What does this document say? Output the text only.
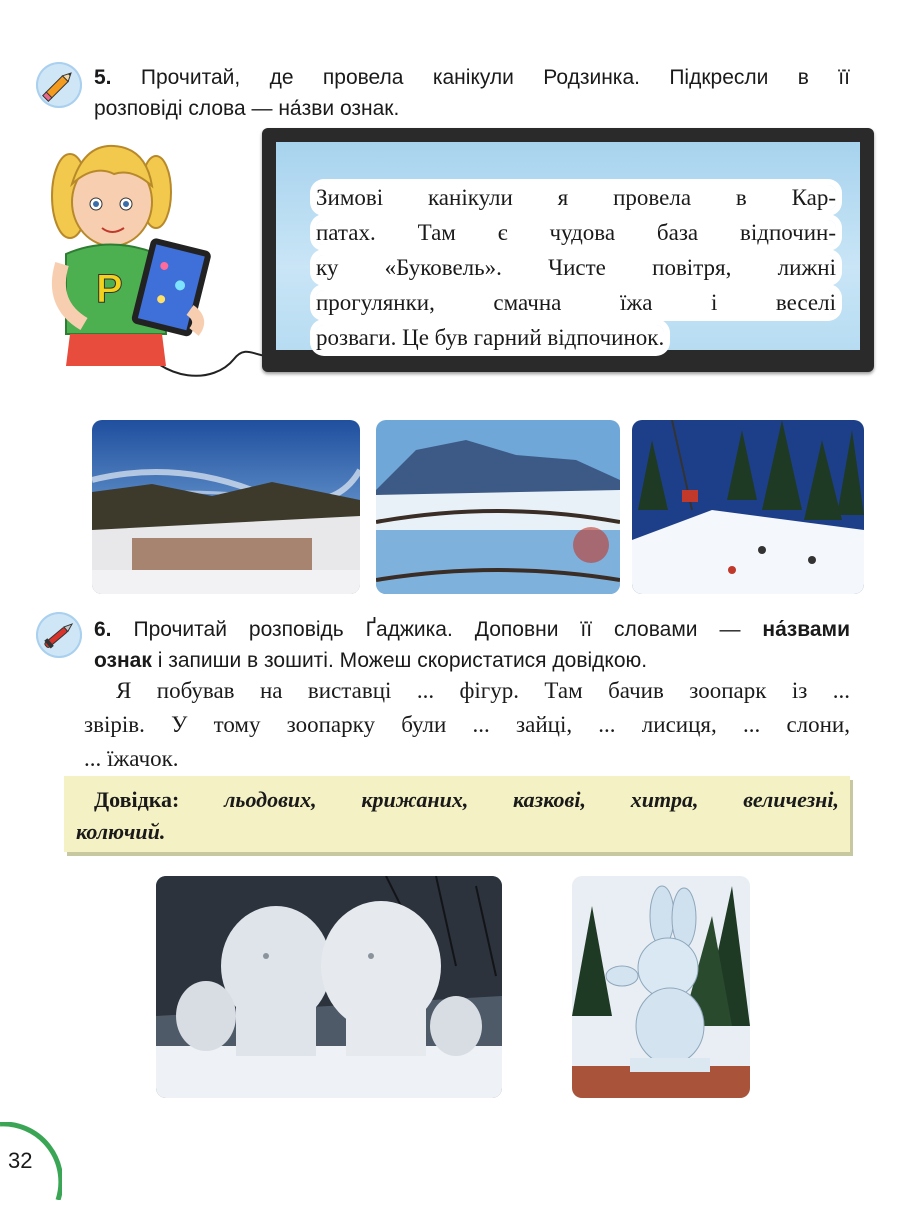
5. Прочитай, де провела канікули Родзинка. Підкресли в її
розповіді слова — на́зви ознак.
P
Зимові канікули я провела в Кар-
патах. Там є чудова база відпочин-
ку «Буковель». Чисте повітря, лижні
прогулянки, смачна їжа і веселі
розваги. Це був гарний відпочинок.
6. Прочитай розповідь Ґаджика. Доповни її словами — на́звами
ознак і запиши в зошиті. Можеш скористатися довідкою.
Я побував на виставці ... фігур. Там бачив зоопарк із ...
звірів. У тому зоопарку були ... зайці, ... лисиця, ... слони,
... їжачок.
Довідка: льодових, крижаних, казкові, хитра, величезні,
колючий.
32
